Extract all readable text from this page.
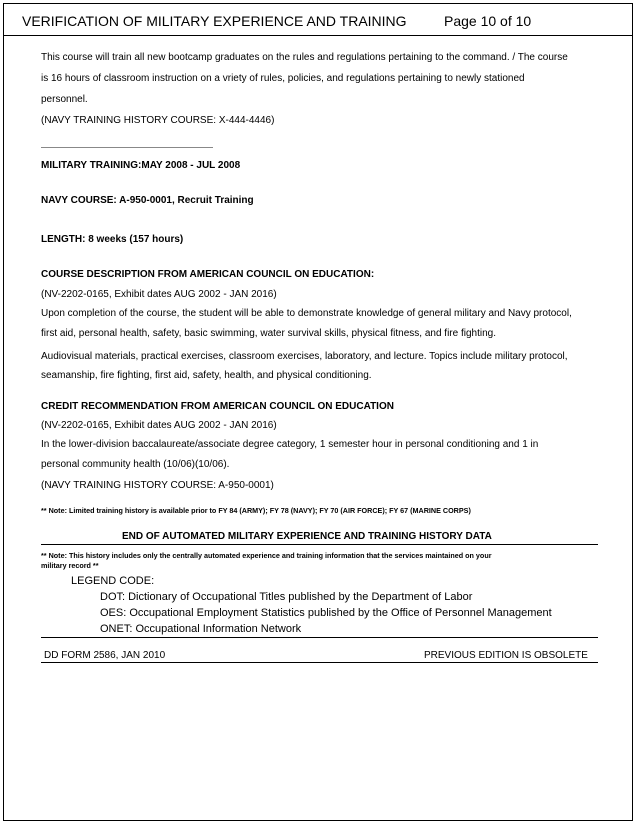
VERIFICATION OF MILITARY EXPERIENCE AND TRAINING	Page 10 of 10
This course will train all new bootcamp graduates on the rules and regulations pertaining to the command. / The course
is 16 hours of classroom instruction on a vriety of rules, policies, and regulations pertaining to newly stationed
personnel.
(NAVY TRAINING HISTORY COURSE: X-444-4446)
MILITARY TRAINING:MAY 2008 - JUL 2008
NAVY COURSE: A-950-0001, Recruit Training
LENGTH: 8 weeks (157 hours)
COURSE DESCRIPTION FROM AMERICAN COUNCIL ON EDUCATION:
(NV-2202-0165, Exhibit dates AUG 2002 - JAN 2016)
Upon completion of the course, the student will be able to demonstrate knowledge of general military and Navy protocol,
first aid, personal health, safety, basic swimming, water survival skills, physical fitness, and fire fighting.
Audiovisual materials, practical exercises, classroom exercises, laboratory, and lecture. Topics include military protocol,
seamanship, fire fighting, first aid, safety, health, and physical conditioning.
CREDIT RECOMMENDATION FROM AMERICAN COUNCIL ON EDUCATION
(NV-2202-0165, Exhibit dates AUG 2002 - JAN 2016)
In the lower-division baccalaureate/associate degree category, 1 semester hour in personal conditioning and 1 in
personal community health (10/06)(10/06).
(NAVY TRAINING HISTORY COURSE: A-950-0001)
** Note: Limited training history is available prior to FY 84 (ARMY); FY 78 (NAVY); FY 70 (AIR FORCE); FY 67 (MARINE CORPS)
END OF AUTOMATED MILITARY EXPERIENCE AND TRAINING HISTORY DATA
** Note: This history includes only the centrally automated experience and training information that the services maintained on your
military record **
LEGEND CODE:
DOT: Dictionary of Occupational Titles published by the Department of Labor
OES: Occupational Employment Statistics published by the Office of Personnel Management
ONET: Occupational Information Network
DD FORM 2586, JAN 2010	PREVIOUS EDITION IS OBSOLETE
